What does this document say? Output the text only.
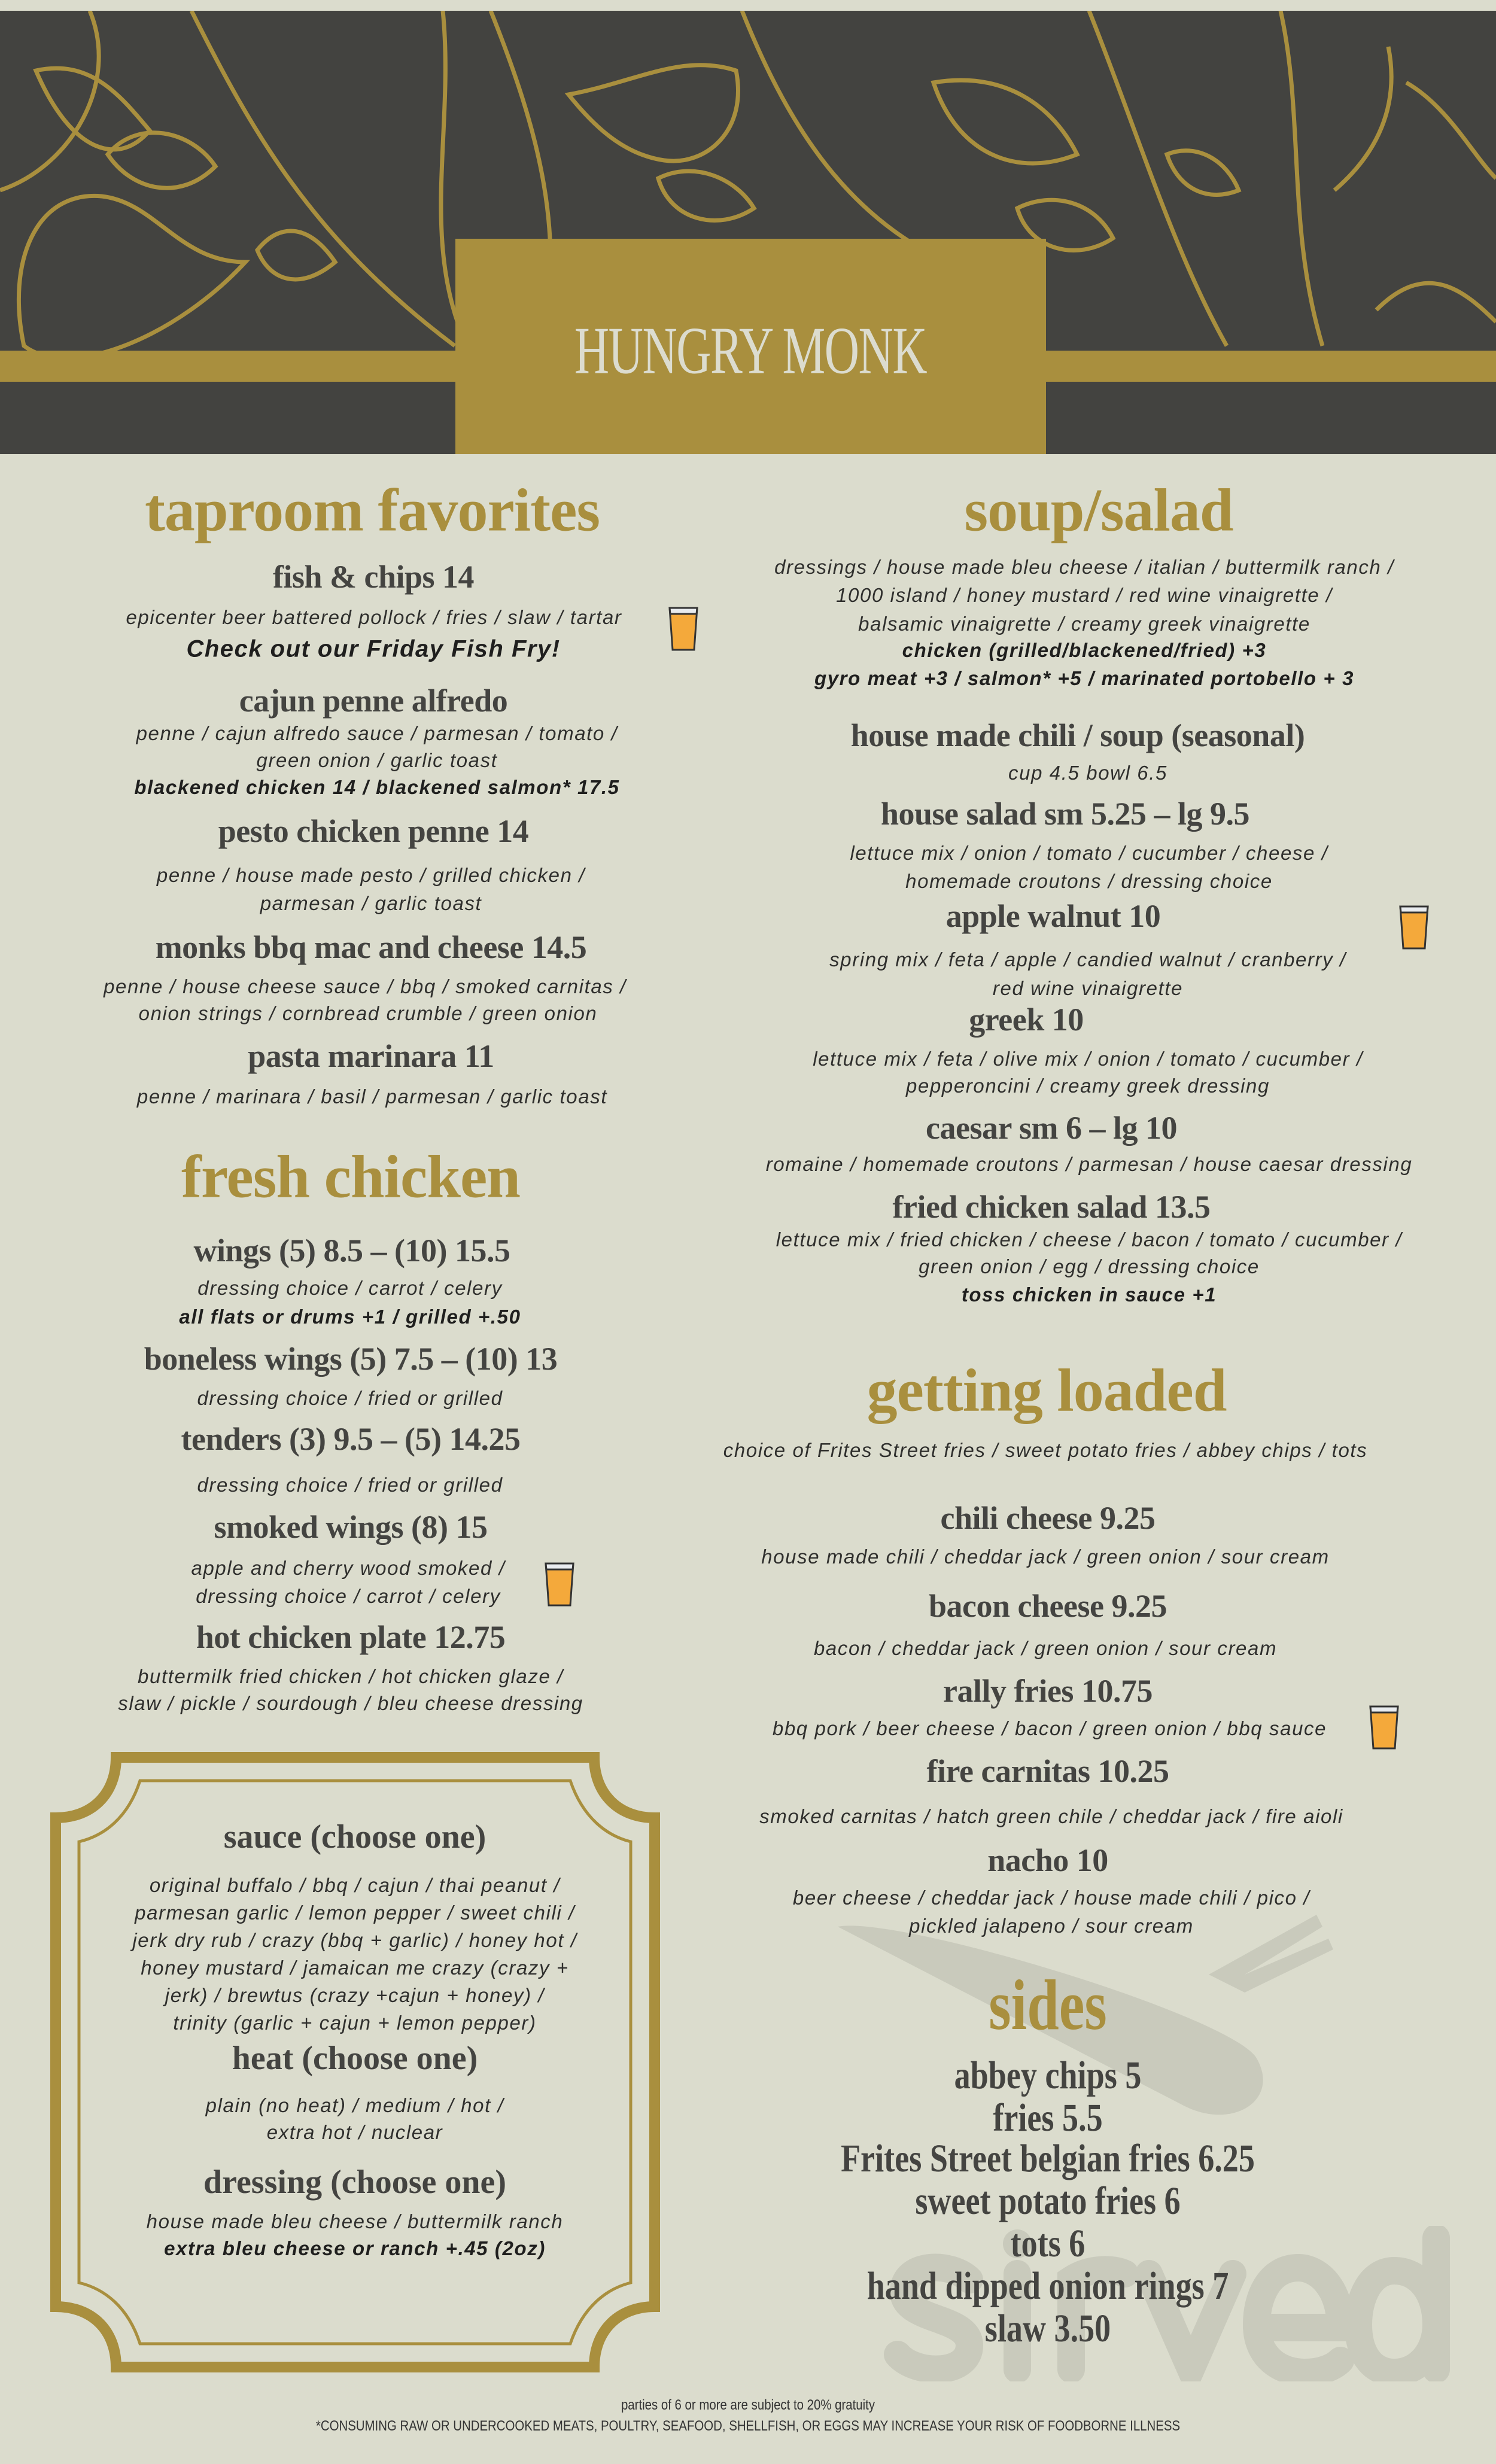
HUNGRY MONK
taproom favorites
fish & chips 14
epicenter beer battered pollock / fries / slaw / tartar
Check out our Friday Fish Fry!
cajun penne alfredo
penne / cajun alfredo sauce / parmesan / tomato /
green onion / garlic toast
blackened chicken 14 / blackened salmon* 17.5
pesto chicken penne 14
penne / house made pesto / grilled chicken /
parmesan / garlic toast
monks bbq mac and cheese 14.5
penne / house cheese sauce / bbq / smoked carnitas /
onion strings / cornbread crumble / green onion
pasta marinara 11
penne / marinara / basil / parmesan / garlic toast
fresh chicken
wings (5) 8.5 – (10) 15.5
dressing choice / carrot / celery
all flats or drums +1 / grilled +.50
boneless wings (5) 7.5 – (10) 13
dressing choice / fried or grilled
tenders (3) 9.5 – (5) 14.25
dressing choice / fried or grilled
smoked wings (8) 15
apple and cherry wood smoked /
dressing choice / carrot / celery
hot chicken plate 12.75
buttermilk fried chicken / hot chicken glaze /
slaw / pickle / sourdough / bleu cheese dressing
sauce (choose one)
original buffalo / bbq / cajun / thai peanut /
parmesan garlic / lemon pepper / sweet chili /
jerk dry rub / crazy (bbq + garlic) / honey hot /
honey mustard / jamaican me crazy (crazy +
jerk) / brewtus (crazy +cajun + honey) /
trinity (garlic + cajun + lemon pepper)
heat (choose one)
plain (no heat) / medium / hot /
extra hot / nuclear
dressing (choose one)
house made bleu cheese / buttermilk ranch
extra bleu cheese or ranch +.45 (2oz)
soup/salad
dressings / house made bleu cheese / italian / buttermilk ranch /
1000 island / honey mustard / red wine vinaigrette /
balsamic vinaigrette / creamy greek vinaigrette
chicken (grilled/blackened/fried) +3
gyro meat +3 / salmon* +5 / marinated portobello + 3
house made chili / soup (seasonal)
cup 4.5 bowl 6.5
house salad sm 5.25 – lg 9.5
lettuce mix / onion / tomato / cucumber / cheese /
homemade croutons / dressing choice
apple walnut 10
spring mix / feta / apple / candied walnut / cranberry /
red wine vinaigrette
greek 10
lettuce mix / feta / olive mix / onion / tomato / cucumber /
pepperoncini / creamy greek dressing
caesar sm 6 – lg 10
romaine / homemade croutons / parmesan / house caesar dressing
fried chicken salad 13.5
lettuce mix / fried chicken / cheese / bacon / tomato / cucumber /
green onion / egg / dressing choice
toss chicken in sauce +1
getting loaded
choice of Frites Street fries / sweet potato fries / abbey chips / tots
chili cheese 9.25
house made chili / cheddar jack / green onion / sour cream
bacon cheese 9.25
bacon / cheddar jack / green onion / sour cream
rally fries 10.75
bbq pork / beer cheese / bacon / green onion / bbq sauce
fire carnitas 10.25
smoked carnitas / hatch green chile / cheddar jack / fire aioli
nacho 10
beer cheese / cheddar jack / house made chili / pico /
pickled jalapeno / sour cream
sides
abbey chips 5
fries 5.5
Frites Street belgian fries 6.25
sweet potato fries 6
tots 6
hand dipped onion rings 7
slaw 3.50
parties of 6 or more are subject to 20% gratuity
*CONSUMING RAW OR UNDERCOOKED MEATS, POULTRY, SEAFOOD, SHELLFISH, OR EGGS MAY INCREASE YOUR RISK OF FOODBORNE ILLNESS
